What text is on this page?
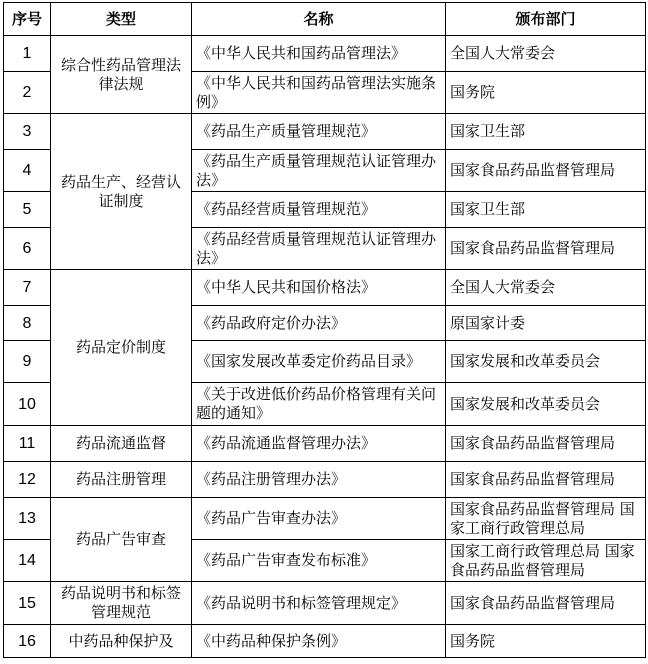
序号	类型	名称	颁布部门
1	综合性药品管理法律法规	《中华人民共和国药品管理法》	全国人大常委会
2		《中华人民共和国药品管理法实施条例》	国务院
3	药品生产、经营认证制度	《药品生产质量管理规范》	国家卫生部
4		《药品生产质量管理规范认证管理办法》	国家食品药品监督管理局
5		《药品经营质量管理规范》	国家卫生部
6		《药品经营质量管理规范认证管理办法》	国家食品药品监督管理局
7	药品定价制度	《中华人民共和国价格法》	全国人大常委会
8		《药品政府定价办法》	原国家计委
9		《国家发展改革委定价药品目录》	国家发展和改革委员会
10		《关于改进低价药品价格管理有关问题的通知》	国家发展和改革委员会
11	药品流通监督	《药品流通监督管理办法》	国家食品药品监督管理局
12	药品注册管理	《药品注册管理办法》	国家食品药品监督管理局
13	药品广告审查	《药品广告审查办法》	国家食品药品监督管理局 国家工商行政管理总局
14		《药品广告审查发布标准》	国家工商行政管理总局 国家食品药品监督管理局
15	药品说明书和标签管理规范	《药品说明书和标签管理规定》	国家食品药品监督管理局
16	中药品种保护及	《中药品种保护条例》	国务院
